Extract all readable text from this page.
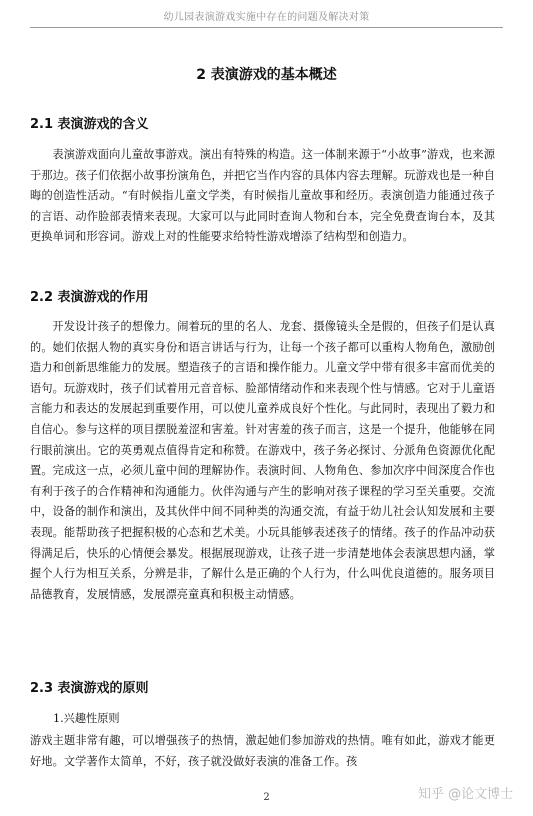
幼儿园表演游戏实施中存在的问题及解决对策
2 表演游戏的基本概述
2.1 表演游戏的含义

表演游戏面向儿童故事游戏。演出有特殊的构造。这一体制来源于“小故事”游戏，也来源于那边。孩子们依据小故事扮演角色，并把它当作内容的具体内容去理解。玩游戏也是一种自晦的创造性活动。“有时候指儿童文学类，有时候指儿童故事和经历。表演创造力能通过孩子的言语、动作脸部表情来表现。大家可以与此同时查询人物和台本，完全免费查询台本，及其更换单词和形容词。游戏上对的性能要求给特性游戏增添了结构型和创造力。

2.2 表演游戏的作用

开发设计孩子的想像力。闹着玩的里的名人、龙套、摄像镜头全是假的，但孩子们是认真的。她们依据人物的真实身份和语言讲话与行为，让每一个孩子都可以重构人物角色，激励创造力和创新思维能力的发展。塑造孩子的言语和操作能力。儿童文学中带有很多丰富而优美的语句。玩游戏时，孩子们试着用元音音标、脸部情绪动作和来表现个性与情感。它对于儿童语言能力和表达的发展起到重要作用，可以使儿童养成良好个性化。与此同时，表现出了毅力和自信心。参与这样的项目摆脱羞涩和害羞。针对害羞的孩子而言，这是一个提升，他能够在同行眼前演出。它的英勇观点值得肯定和称赞。在游戏中，孩子务必探讨、分派角色资源优化配置。完成这一点，必须儿童中间的理解协作。表演时间、人物角色、参加次序中间深度合作也有利于孩子的合作精神和沟通能力。伙伴沟通与产生的影响对孩子课程的学习至关重要。交流中，设备的制作和演出，及其伙伴中间不同种类的沟通交流，有益于幼儿社会认知发展和主要表现。能帮助孩子把握积极的心态和艺术美。小玩具能够表述孩子的情绪。孩子的作品冲动获得满足后，快乐的心情便会暴发。根据展现游戏，让孩子进一步清楚地体会表演思想内涵，掌握个人行为相互关系，分辨是非，了解什么是正确的个人行为，什么叫优良道德的。服务项目品德教育，发展情感，发展漂亮童真和积极主动情感。

2.3 表演游戏的原则
1.兴趣性原则

游戏主题非常有趣，可以增强孩子的热情，激起她们参加游戏的热情。唯有如此，游戏才能更好地。文学著作太简单，不好，孩子就没做好表演的准备工作。孩

2	知乎 @论文博士
